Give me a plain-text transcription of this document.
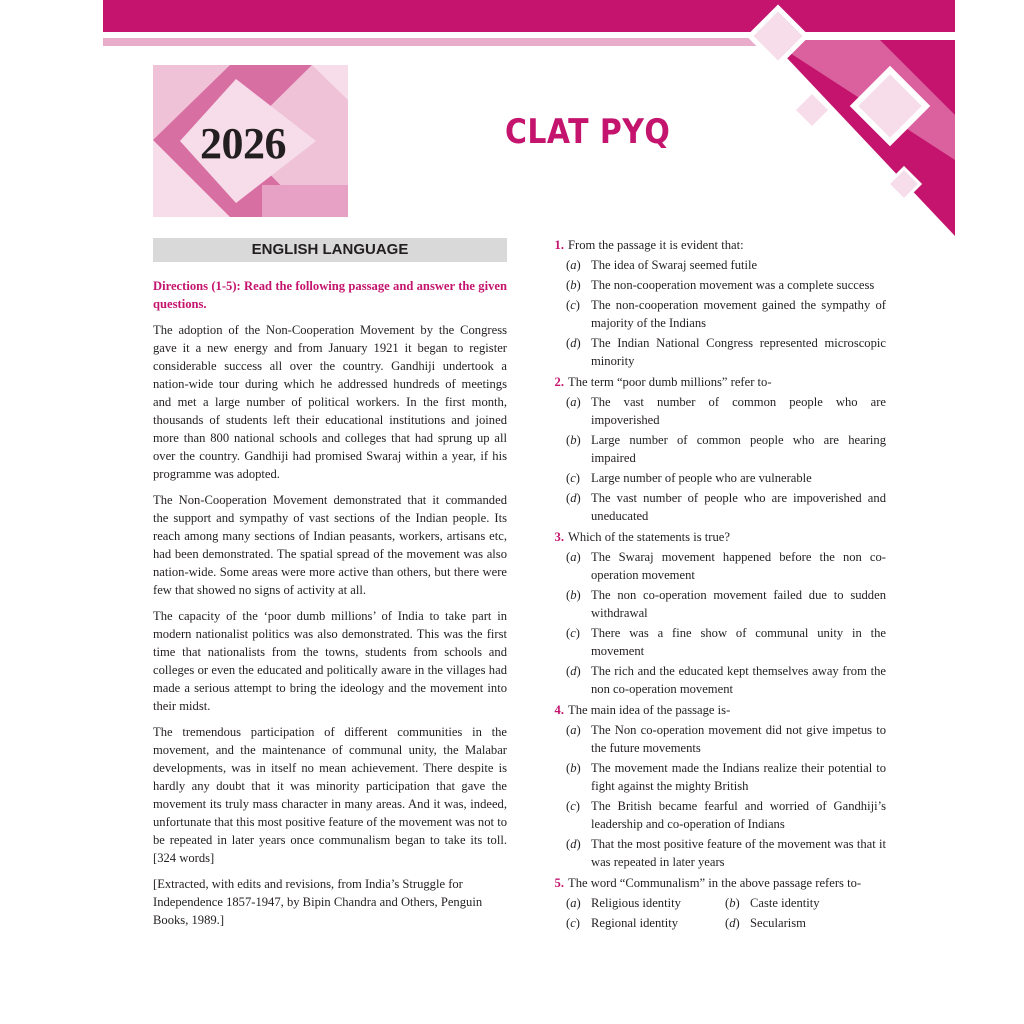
2026	CLAT PYQ
ENGLISH LANGUAGE

Directions (1-5): Read the following passage and answer the given questions.

The adoption of the Non-Cooperation Movement by the Congress gave it a new energy and from January 1921 it began to register considerable success all over the country. Gandhiji undertook a nation-wide tour during which he addressed hundreds of meetings and met a large number of political workers. In the first month, thousands of students left their educational institutions and joined more than 800 national schools and colleges that had sprung up all over the country. Gandhiji had promised Swaraj within a year, if his programme was adopted.

The Non-Cooperation Movement demonstrated that it commanded the support and sympathy of vast sections of the Indian people. Its reach among many sections of Indian peasants, workers, artisans etc, had been demonstrated. The spatial spread of the movement was also nation-wide. Some areas were more active than others, but there were few that showed no signs of activity at all.

The capacity of the ‘poor dumb millions’ of India to take part in modern nationalist politics was also demonstrated. This was the first time that nationalists from the towns, students from schools and colleges or even the educated and politically aware in the villages had made a serious attempt to bring the ideology and the movement into their midst.

The tremendous participation of different communities in the movement, and the maintenance of communal unity, the Malabar developments, was in itself no mean achievement. There despite is hardly any doubt that it was minority participation that gave the movement its truly mass character in many areas. And it was, indeed, unfortunate that this most positive feature of the movement was not to be repeated in later years once communalism began to take its toll. [324 words]

[Extracted, with edits and revisions, from India’s Struggle for Independence 1857-1947, by Bipin Chandra and Others, Penguin Books, 1989.]

1. From the passage it is evident that:
(a) The idea of Swaraj seemed futile
(b) The non-cooperation movement was a complete success
(c) The non-cooperation movement gained the sympathy of majority of the Indians
(d) The Indian National Congress represented microscopic minority
2. The term “poor dumb millions” refer to-
(a) The vast number of common people who are impoverished
(b) Large number of common people who are hearing impaired
(c) Large number of people who are vulnerable
(d) The vast number of people who are impoverished and uneducated
3. Which of the statements is true?
(a) The Swaraj movement happened before the non co-operation movement
(b) The non co-operation movement failed due to sudden withdrawal
(c) There was a fine show of communal unity in the movement
(d) The rich and the educated kept themselves away from the non co-operation movement
4. The main idea of the passage is-
(a) The Non co-operation movement did not give impetus to the future movements
(b) The movement made the Indians realize their potential to fight against the mighty British
(c) The British became fearful and worried of Gandhiji’s leadership and co-operation of Indians
(d) That the most positive feature of the movement was that it was repeated in later years
5. The word “Communalism” in the above passage refers to-
(a) Religious identity	(b) Caste identity
(c) Regional identity	(d) Secularism
